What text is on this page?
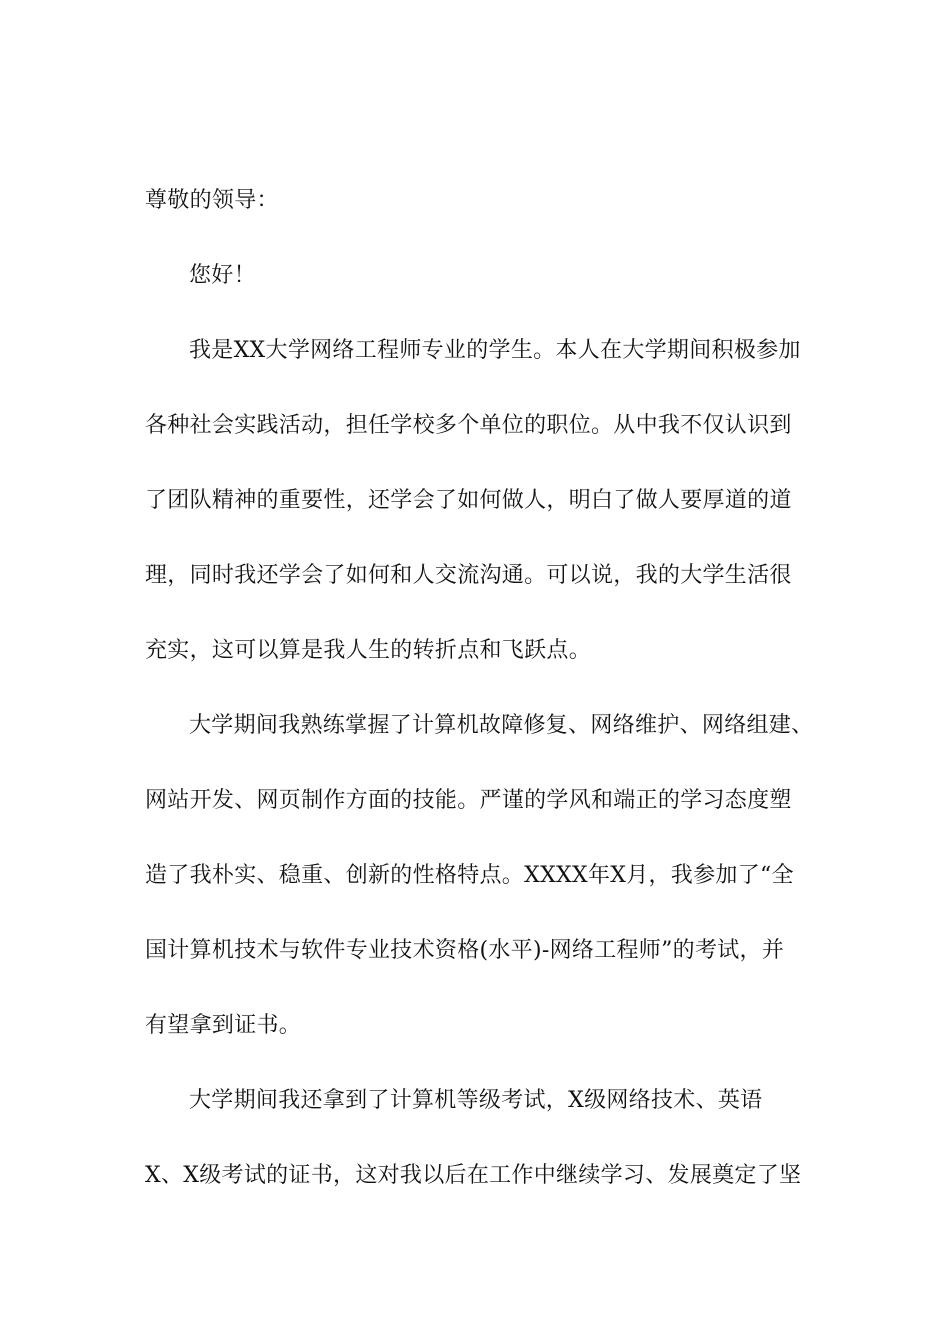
尊敬的领导：
您好！
我是XX大学网络工程师专业的学生。本人在大学期间积极参加
各种社会实践活动，担任学校多个单位的职位。从中我不仅认识到
了团队精神的重要性，还学会了如何做人，明白了做人要厚道的道
理，同时我还学会了如何和人交流沟通。可以说，我的大学生活很
充实，这可以算是我人生的转折点和飞跃点。
大学期间我熟练掌握了计算机故障修复、网络维护、网络组建、
网站开发、网页制作方面的技能。严谨的学风和端正的学习态度塑
造了我朴实、稳重、创新的性格特点。XXXX年X月，我参加了“全
国计算机技术与软件专业技术资格(水平)-网络工程师”的考试，并
有望拿到证书。
大学期间我还拿到了计算机等级考试，X级网络技术、英语
X、X级考试的证书，这对我以后在工作中继续学习、发展奠定了坚
